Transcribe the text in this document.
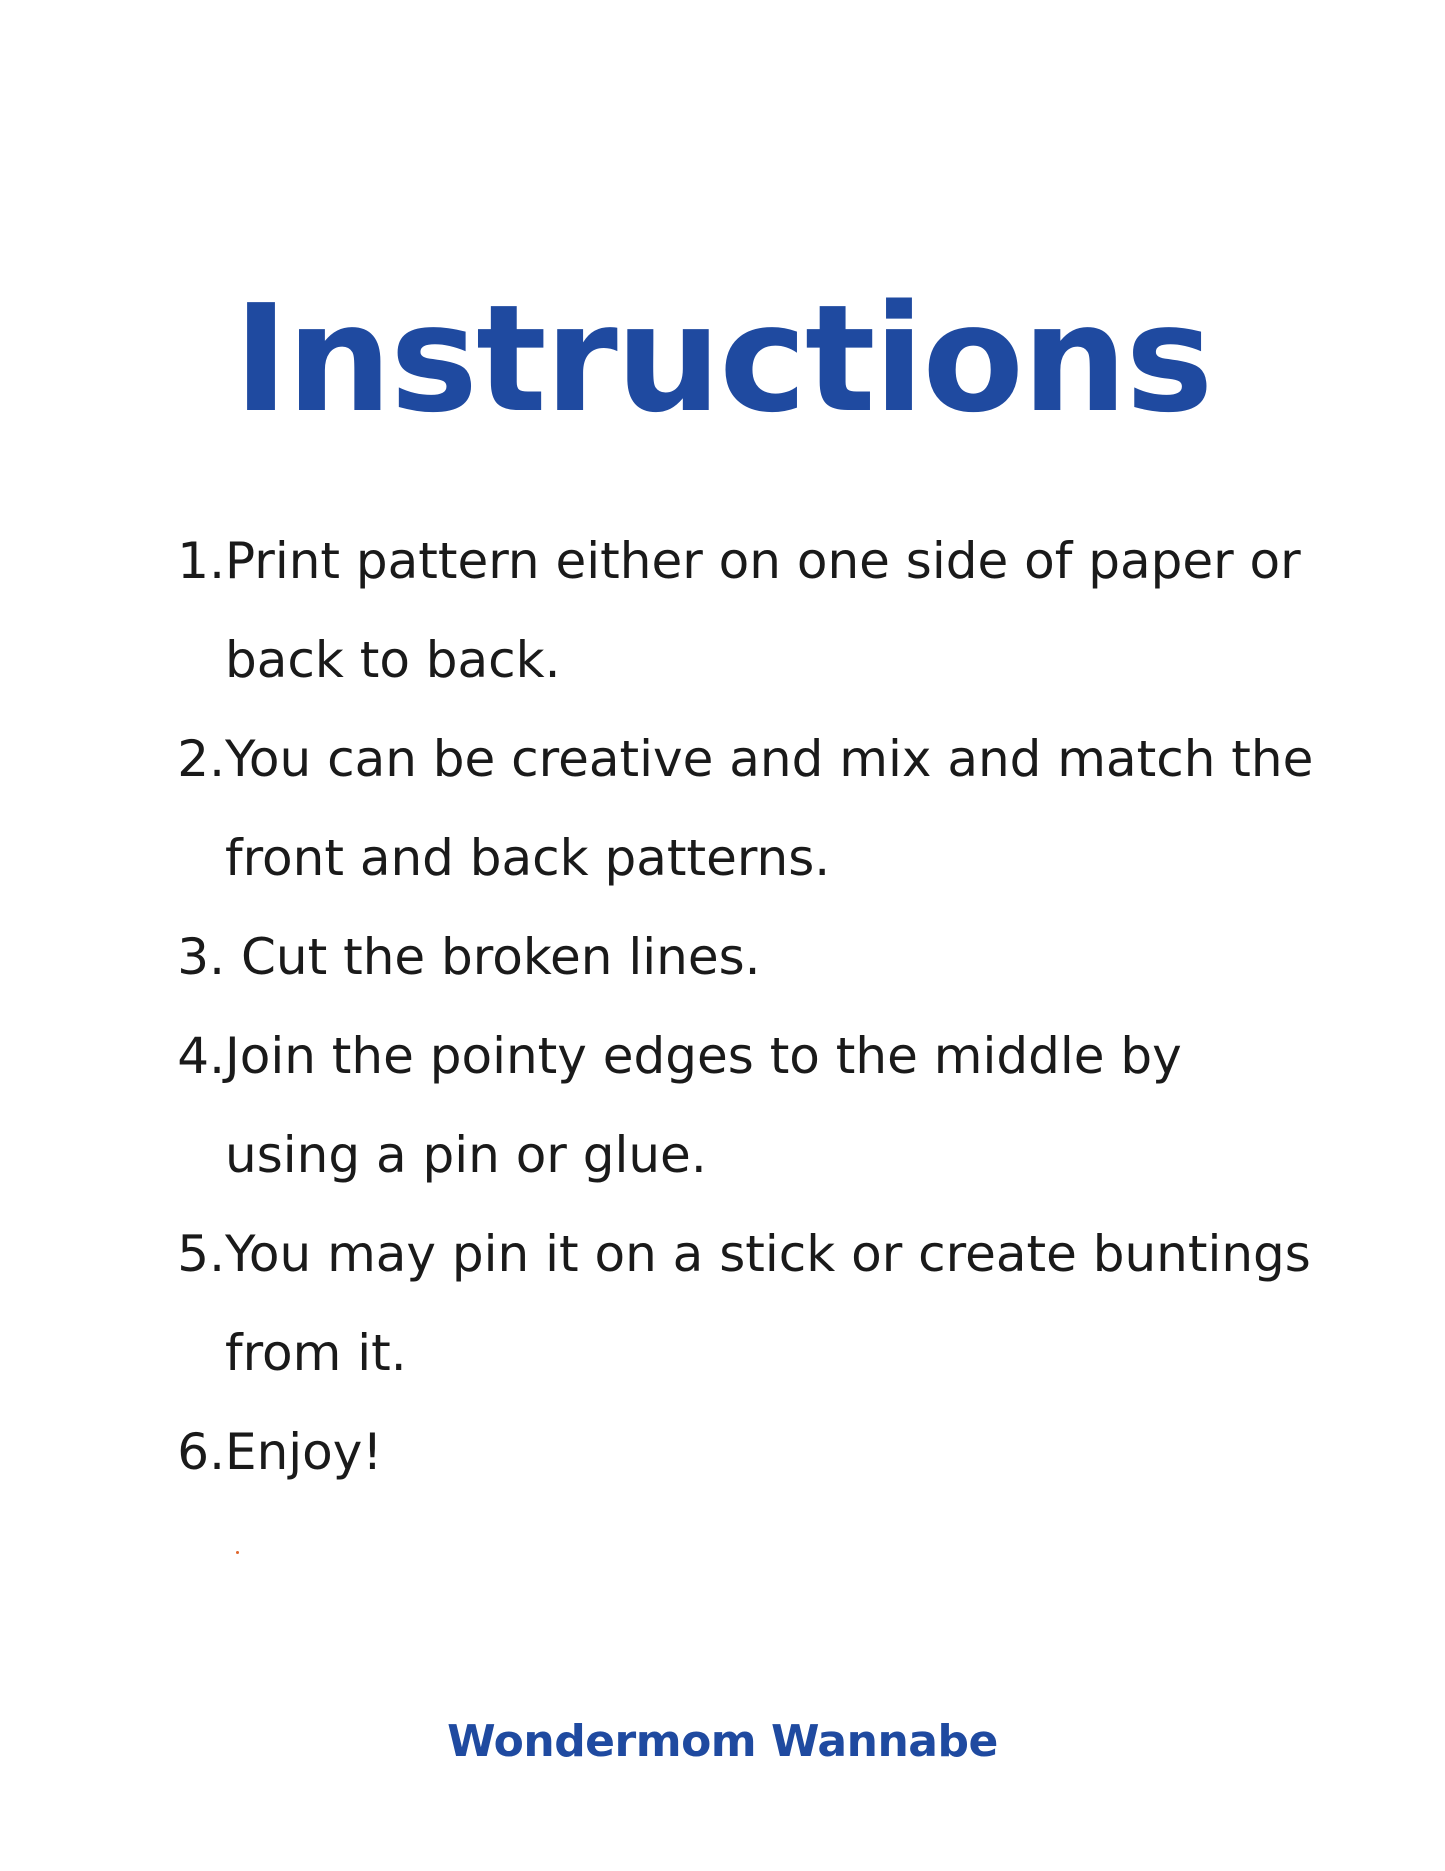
Instructions
1. Print pattern either on one side of paper or back to back.
2. You can be creative and mix and match the front and back patterns.
3. Cut the broken lines.
4. Join the pointy edges to the middle by using a pin or glue.
5. You may pin it on a stick or create buntings from it.
6. Enjoy!
Wondermom Wannabe
